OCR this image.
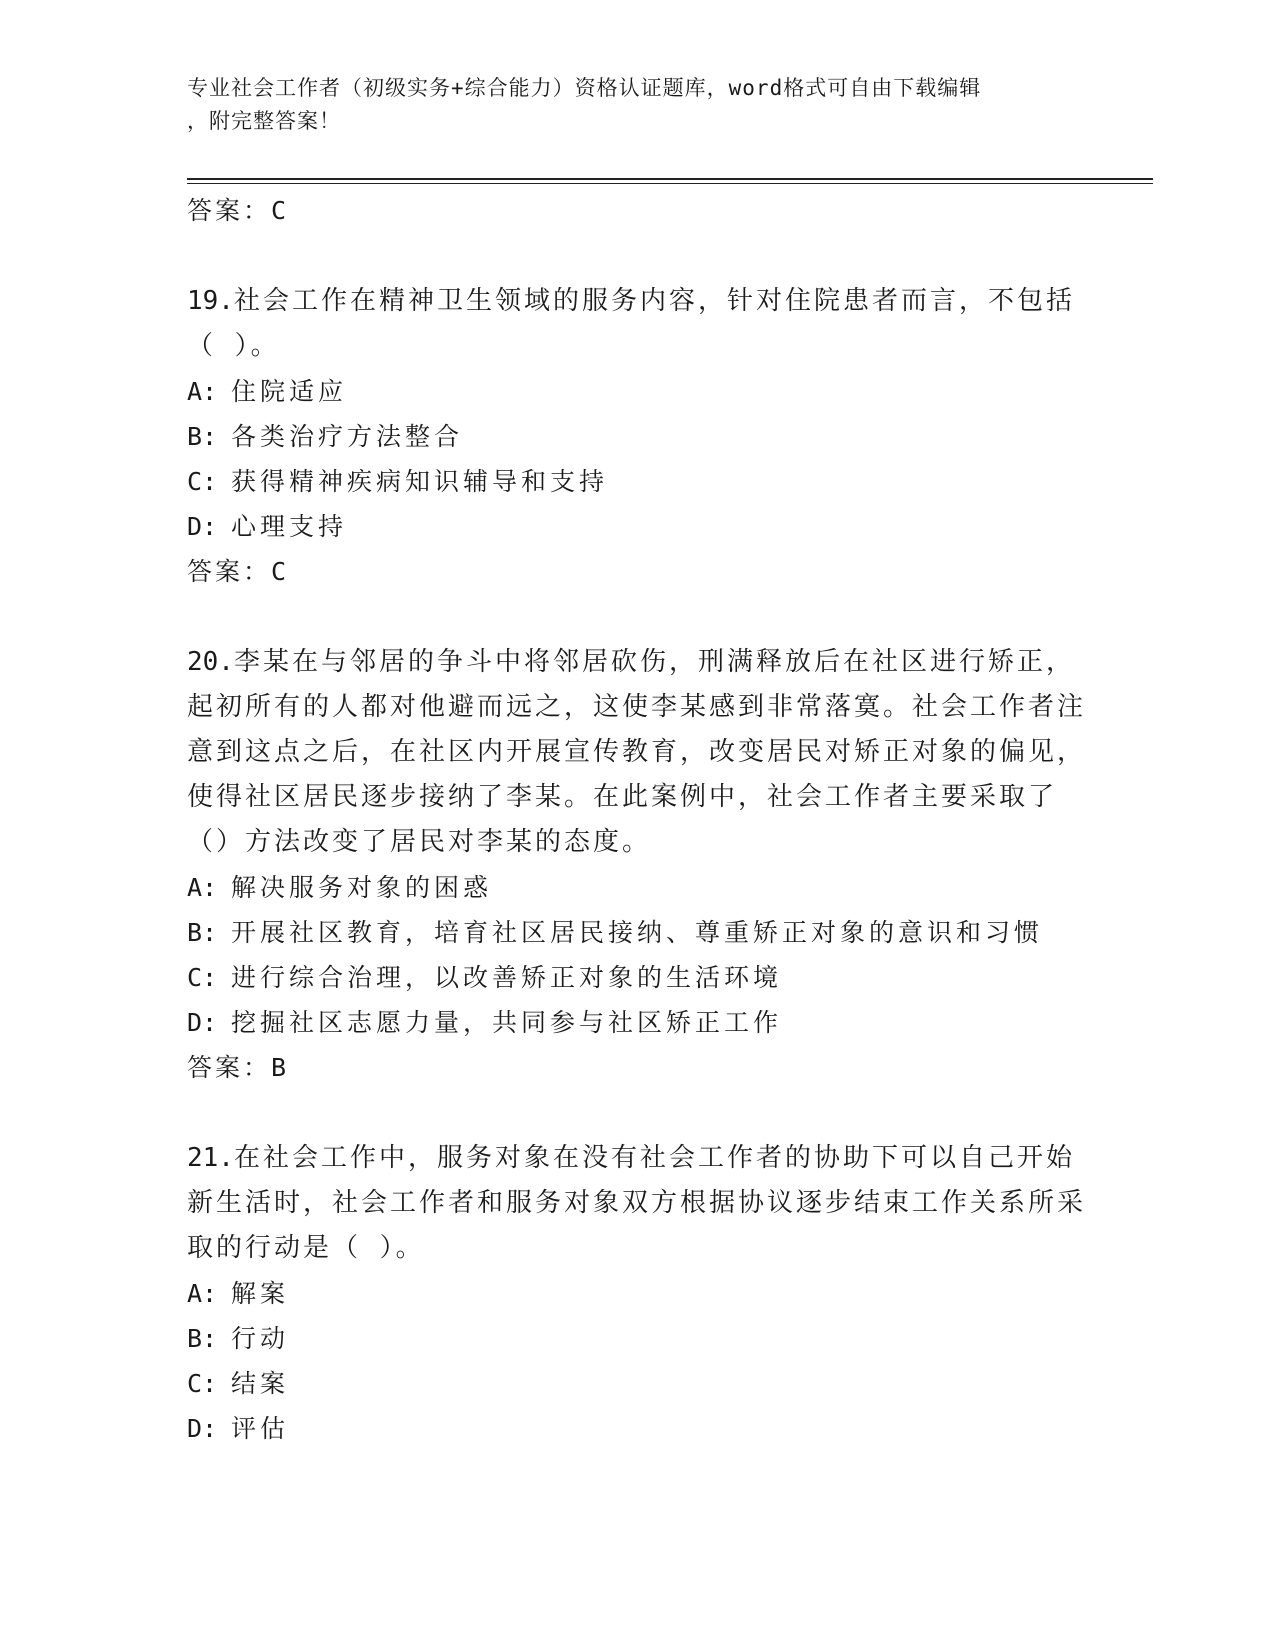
专业社会工作者（初级实务+综合能力）资格认证题库，word格式可自由下载编辑
，附完整答案！
答案：C
19.社会工作在精神卫生领域的服务内容，针对住院患者而言，不包括（ ）。
A: 住院适应
B: 各类治疗方法整合
C: 获得精神疾病知识辅导和支持
D: 心理支持
答案：C
20.李某在与邻居的争斗中将邻居砍伤，刑满释放后在社区进行矫正，起初所有的人都对他避而远之，这使李某感到非常落寞。社会工作者注意到这点之后，在社区内开展宣传教育，改变居民对矫正对象的偏见，使得社区居民逐步接纳了李某。在此案例中，社会工作者主要采取了（）方法改变了居民对李某的态度。
A: 解决服务对象的困惑
B: 开展社区教育，培育社区居民接纳、尊重矫正对象的意识和习惯
C: 进行综合治理，以改善矫正对象的生活环境
D: 挖掘社区志愿力量，共同参与社区矫正工作
答案：B
21.在社会工作中，服务对象在没有社会工作者的协助下可以自己开始新生活时，社会工作者和服务对象双方根据协议逐步结束工作关系所采取的行动是（ ）。
A: 解案
B: 行动
C: 结案
D: 评估
